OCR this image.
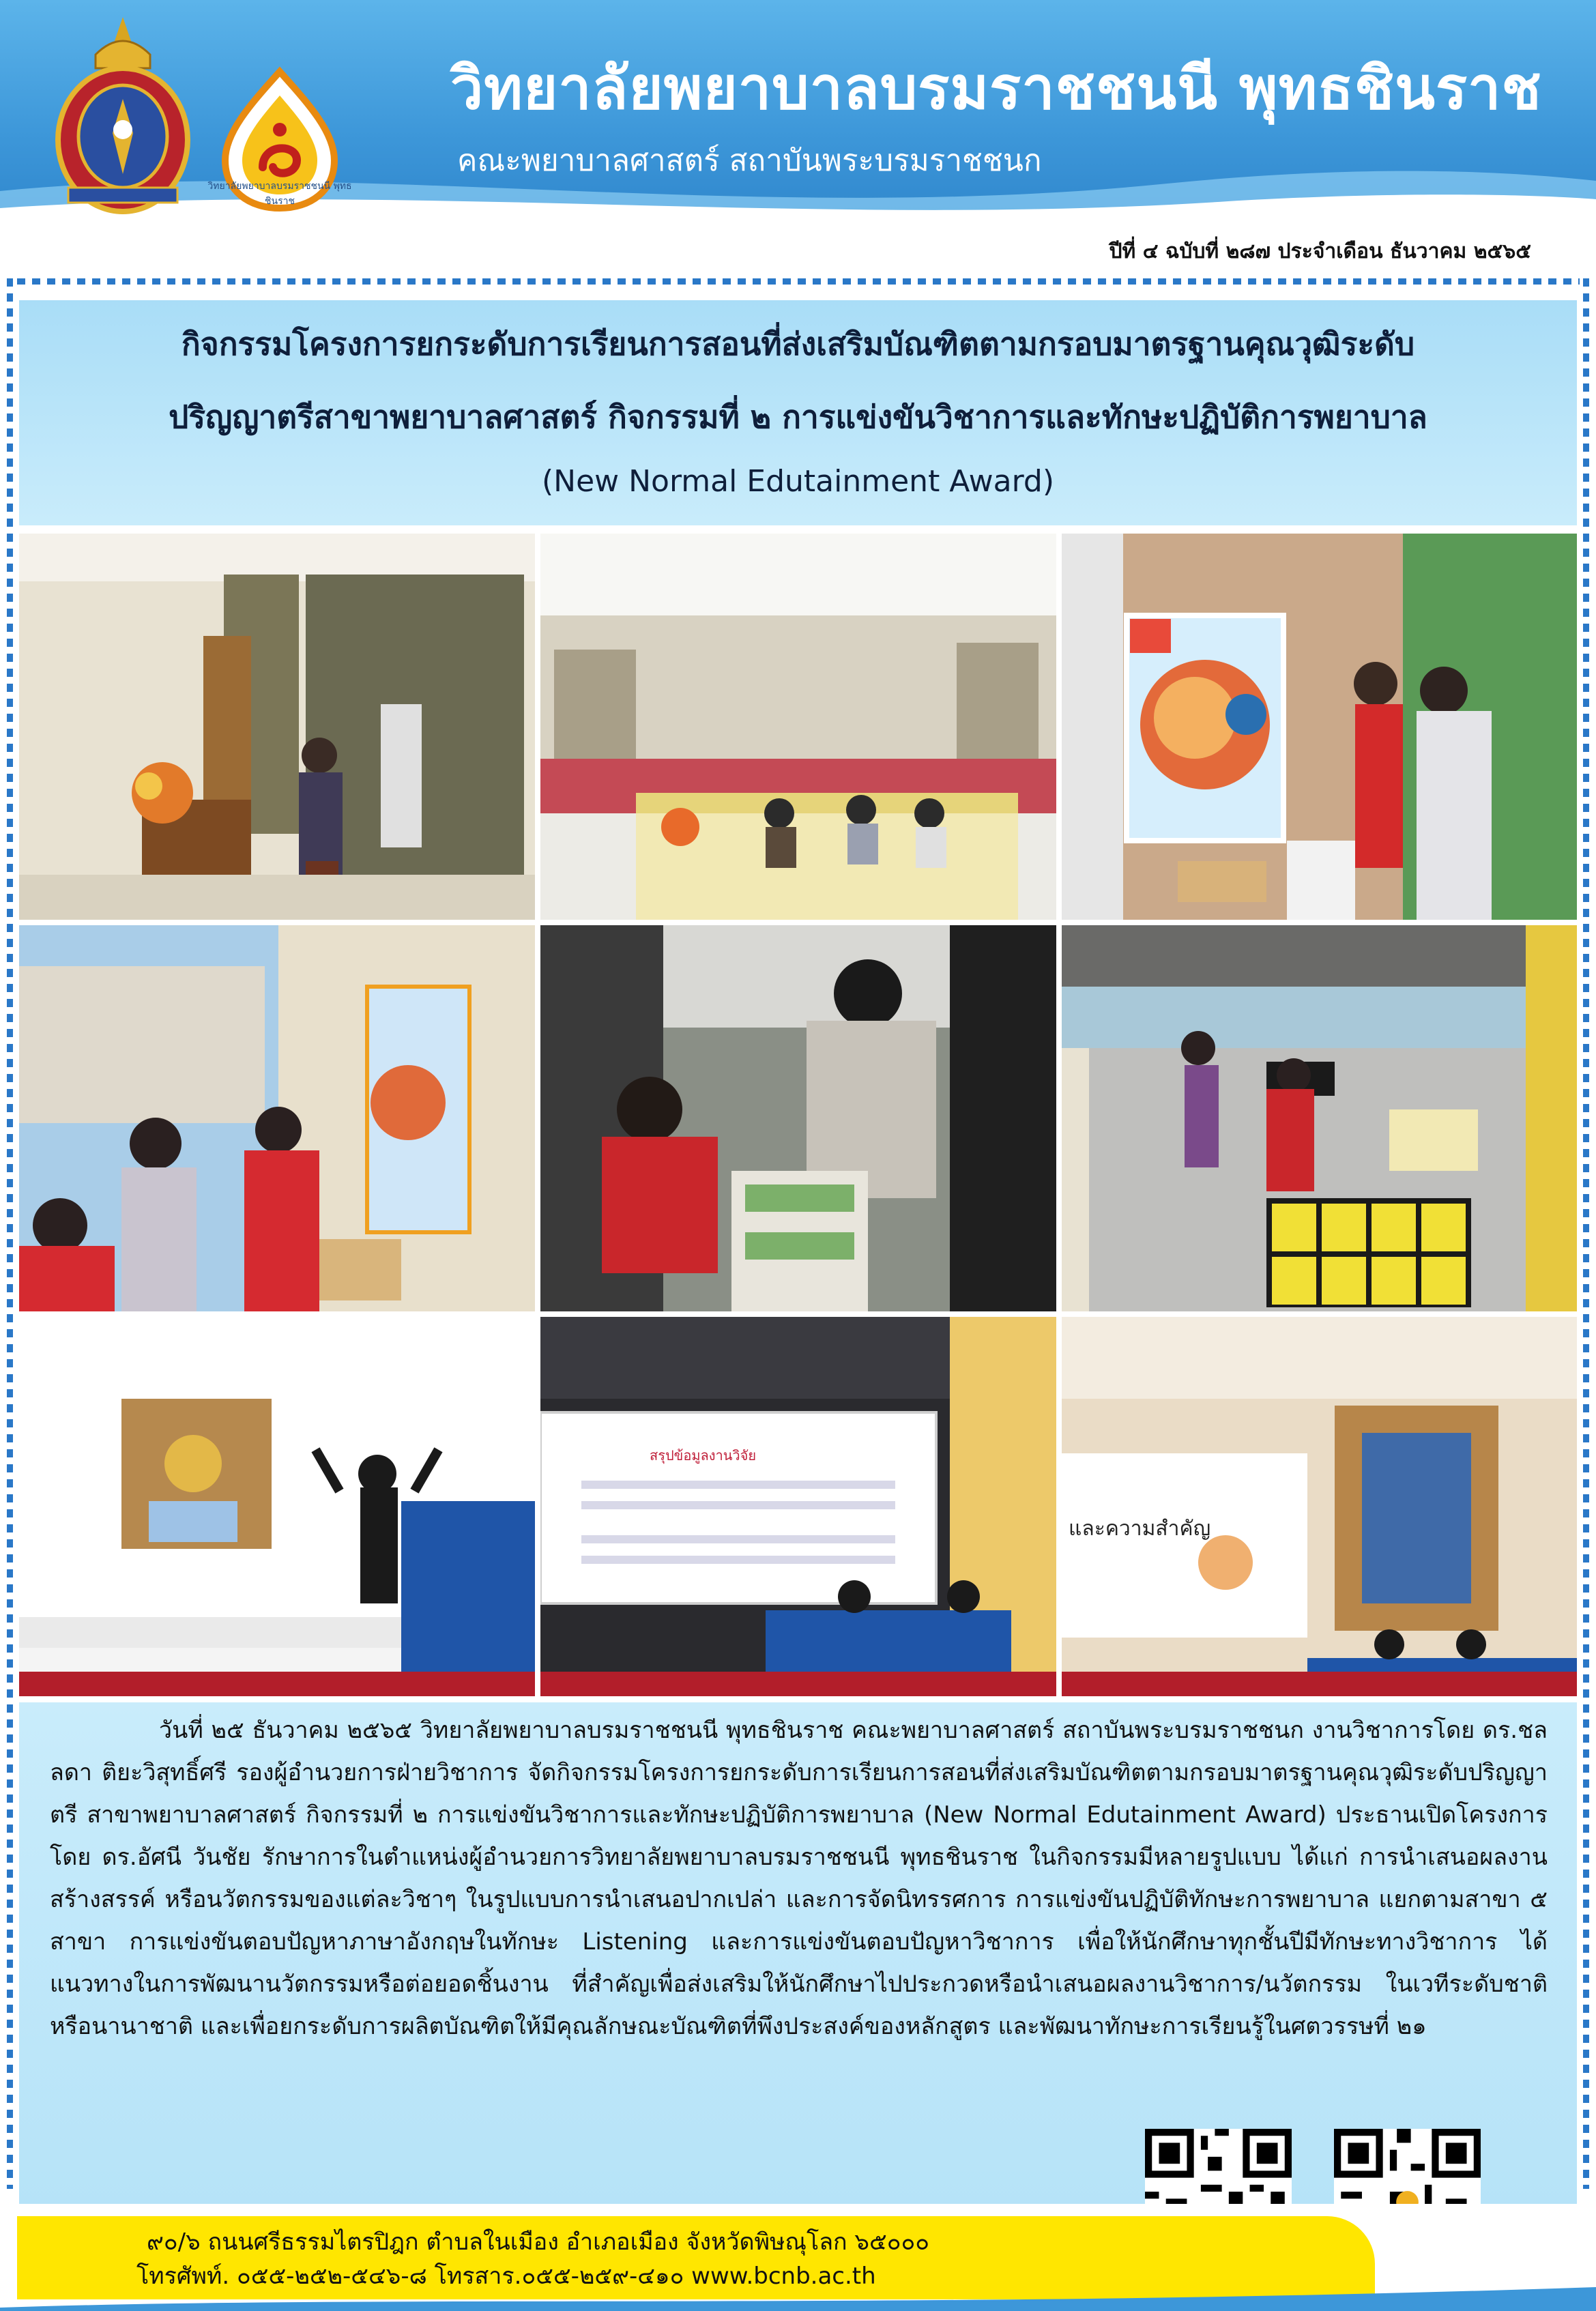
วิทยาลัยพยาบาลบรมราชชนนี พุทธชินราช
วิทยาลัยพยาบาลบรมราชชนนี พุทธชินราช
คณะพยาบาลศาสตร์ สถาบันพระบรมราชชนก
ปีที่ ๔ ฉบับที่ ๒๘๗ ประจำเดือน ธันวาคม ๒๕๖๕
กิจกรรมโครงการยกระดับการเรียนการสอนที่ส่งเสริมบัณฑิตตามกรอบมาตรฐานคุณวุฒิระดับ
ปริญญาตรีสาขาพยาบาลศาสตร์ กิจกรรมที่ ๒ การแข่งขันวิชาการและทักษะปฏิบัติการพยาบาล
(New Normal Edutainment Award)
สรุปข้อมูลงานวิจัย
และความสำคัญ
วันที่ ๒๕ ธันวาคม ๒๕๖๕ วิทยาลัยพยาบาลบรมราชชนนี พุทธชินราช คณะพยาบาลศาสตร์ สถาบันพระบรมราชชนก งานวิชาการโดย ดร.ชลลดา ติยะวิสุทธิ์ศรี รองผู้อำนวยการฝ่ายวิชาการ จัดกิจกรรมโครงการยกระดับการเรียนการสอนที่ส่งเสริมบัณฑิตตามกรอบมาตรฐานคุณวุฒิระดับปริญญาตรี สาขาพยาบาลศาสตร์ กิจกรรมที่ ๒ การแข่งขันวิชาการและทักษะปฏิบัติการพยาบาล (New Normal Edutainment Award) ประธานเปิดโครงการโดย ดร.อัศนี วันชัย รักษาการในตำแหน่งผู้อำนวยการวิทยาลัยพยาบาลบรมราชชนนี พุทธชินราช ในกิจกรรมมีหลายรูปแบบ ได้แก่ การนำเสนอผลงานสร้างสรรค์ หรือนวัตกรรมของแต่ละวิชาๆ ในรูปแบบการนำเสนอปากเปล่า และการจัดนิทรรศการ การแข่งขันปฏิบัติทักษะการพยาบาล แยกตามสาขา ๕ สาขา การแข่งขันตอบปัญหาภาษาอังกฤษในทักษะ Listening และการแข่งขันตอบปัญหาวิชาการ เพื่อให้นักศึกษาทุกชั้นปีมีทักษะทางวิชาการ ได้แนวทางในการพัฒนานวัตกรรมหรือต่อยอดชิ้นงาน ที่สำคัญเพื่อส่งเสริมให้นักศึกษาไปประกวดหรือนำเสนอผลงานวิชาการ/นวัตกรรม ในเวทีระดับชาติ หรือนานาชาติ และเพื่อยกระดับการผลิตบัณฑิตให้มีคุณลักษณะบัณฑิตที่พึงประสงค์ของหลักสูตร และพัฒนาทักษะการเรียนรู้ในศตวรรษที่ ๒๑
๙๐/๖ ถนนศรีธรรมไตรปิฎก ตำบลในเมือง อำเภอเมือง จังหวัดพิษณุโลก ๖๕๐๐๐
โทรศัพท์. ๐๕๕-๒๕๒-๕๔๖-๘ โทรสาร.๐๕๕-๒๕๙-๔๑๐ www.bcnb.ac.th
